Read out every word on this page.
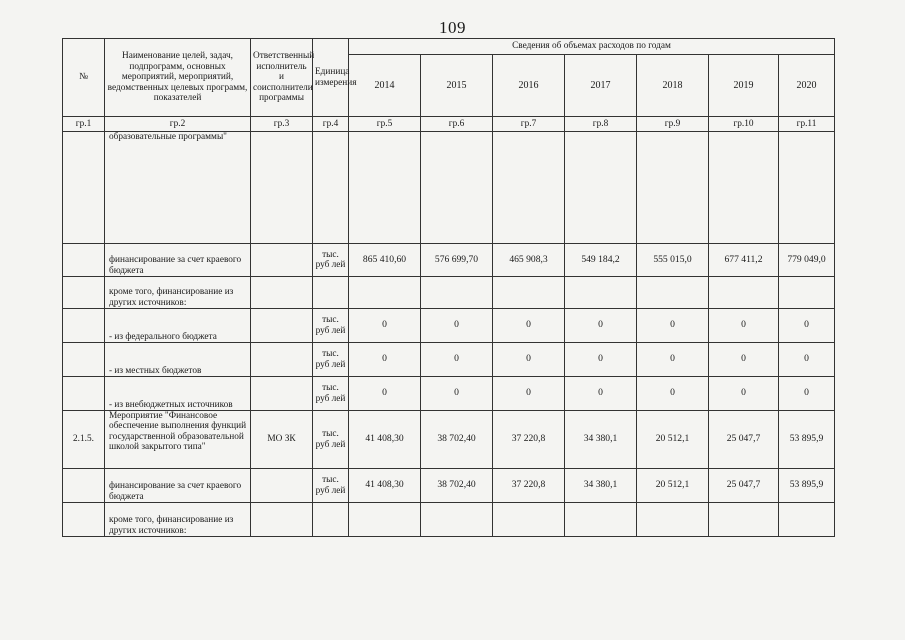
109
№	Наименование целей, задач, подпрограмм, основных мероприятий, мероприятий, ведомственных целевых программ, показателей	Ответственный исполнитель и соисполнители программы	Единица измерения	Сведения об объемах расходов по годам						
				2014	2015	2016	2017	2018	2019	2020
гр.1	гр.2	гр.3	гр.4	гр.5	гр.6	гр.7	гр.8	гр.9	гр.10	гр.11
	образовательные программы"									
	финансирование за счет краевого бюджета		тыс. руб лей	865 410,60	576 699,70	465 908,3	549 184,2	555 015,0	677 411,2	779 049,0
	кроме того, финансирование из других источников:									
	- из федерального бюджета		тыс. руб лей	0	0	0	0	0	0	0
	- из местных бюджетов		тыс. руб лей	0	0	0	0	0	0	0
	- из внебюджетных источников		тыс. руб лей	0	0	0	0	0	0	0
2.1.5.	Мероприятие "Финансовое обеспечение выполнения функций государственной образовательной школой закрытого типа"	МО ЗК	тыс. руб лей	41 408,30	38 702,40	37 220,8	34 380,1	20 512,1	25 047,7	53 895,9
	финансирование за счет краевого бюджета		тыс. руб лей	41 408,30	38 702,40	37 220,8	34 380,1	20 512,1	25 047,7	53 895,9
	кроме того, финансирование из других источников:									
